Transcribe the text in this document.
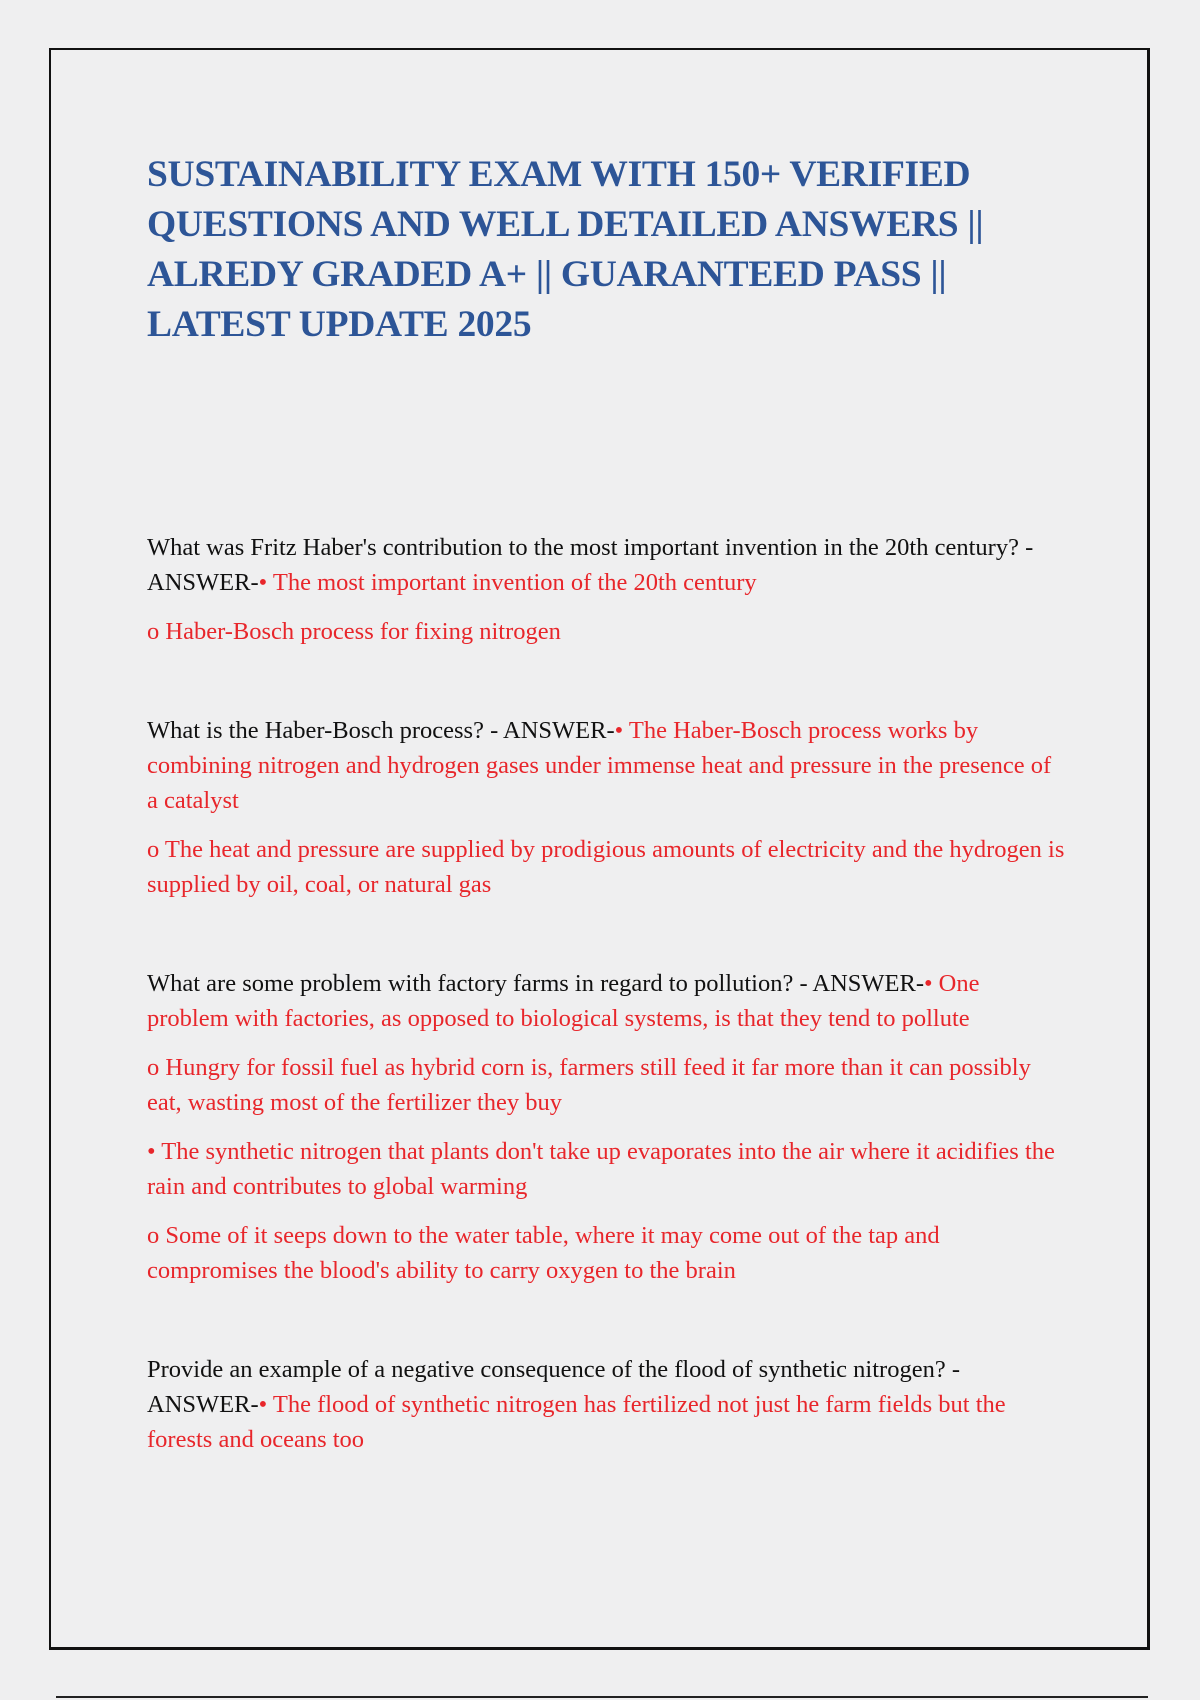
SUSTAINABILITY EXAM WITH 150+ VERIFIED QUESTIONS AND WELL DETAILED ANSWERS || ALREDY GRADED A+ || GUARANTEED PASS || LATEST UPDATE 2025

What was Fritz Haber's contribution to the most important invention in the 20th century? - ANSWER-• The most important invention of the 20th century

o Haber-Bosch process for fixing nitrogen

What is the Haber-Bosch process? - ANSWER-• The Haber-Bosch process works by combining nitrogen and hydrogen gases under immense heat and pressure in the presence of a catalyst

o The heat and pressure are supplied by prodigious amounts of electricity and the hydrogen is supplied by oil, coal, or natural gas

What are some problem with factory farms in regard to pollution? - ANSWER-• One problem with factories, as opposed to biological systems, is that they tend to pollute

o Hungry for fossil fuel as hybrid corn is, farmers still feed it far more than it can possibly eat, wasting most of the fertilizer they buy

• The synthetic nitrogen that plants don't take up evaporates into the air where it acidifies the rain and contributes to global warming

o Some of it seeps down to the water table, where it may come out of the tap and compromises the blood's ability to carry oxygen to the brain

Provide an example of a negative consequence of the flood of synthetic nitrogen? - ANSWER-• The flood of synthetic nitrogen has fertilized not just he farm fields but the forests and oceans too
